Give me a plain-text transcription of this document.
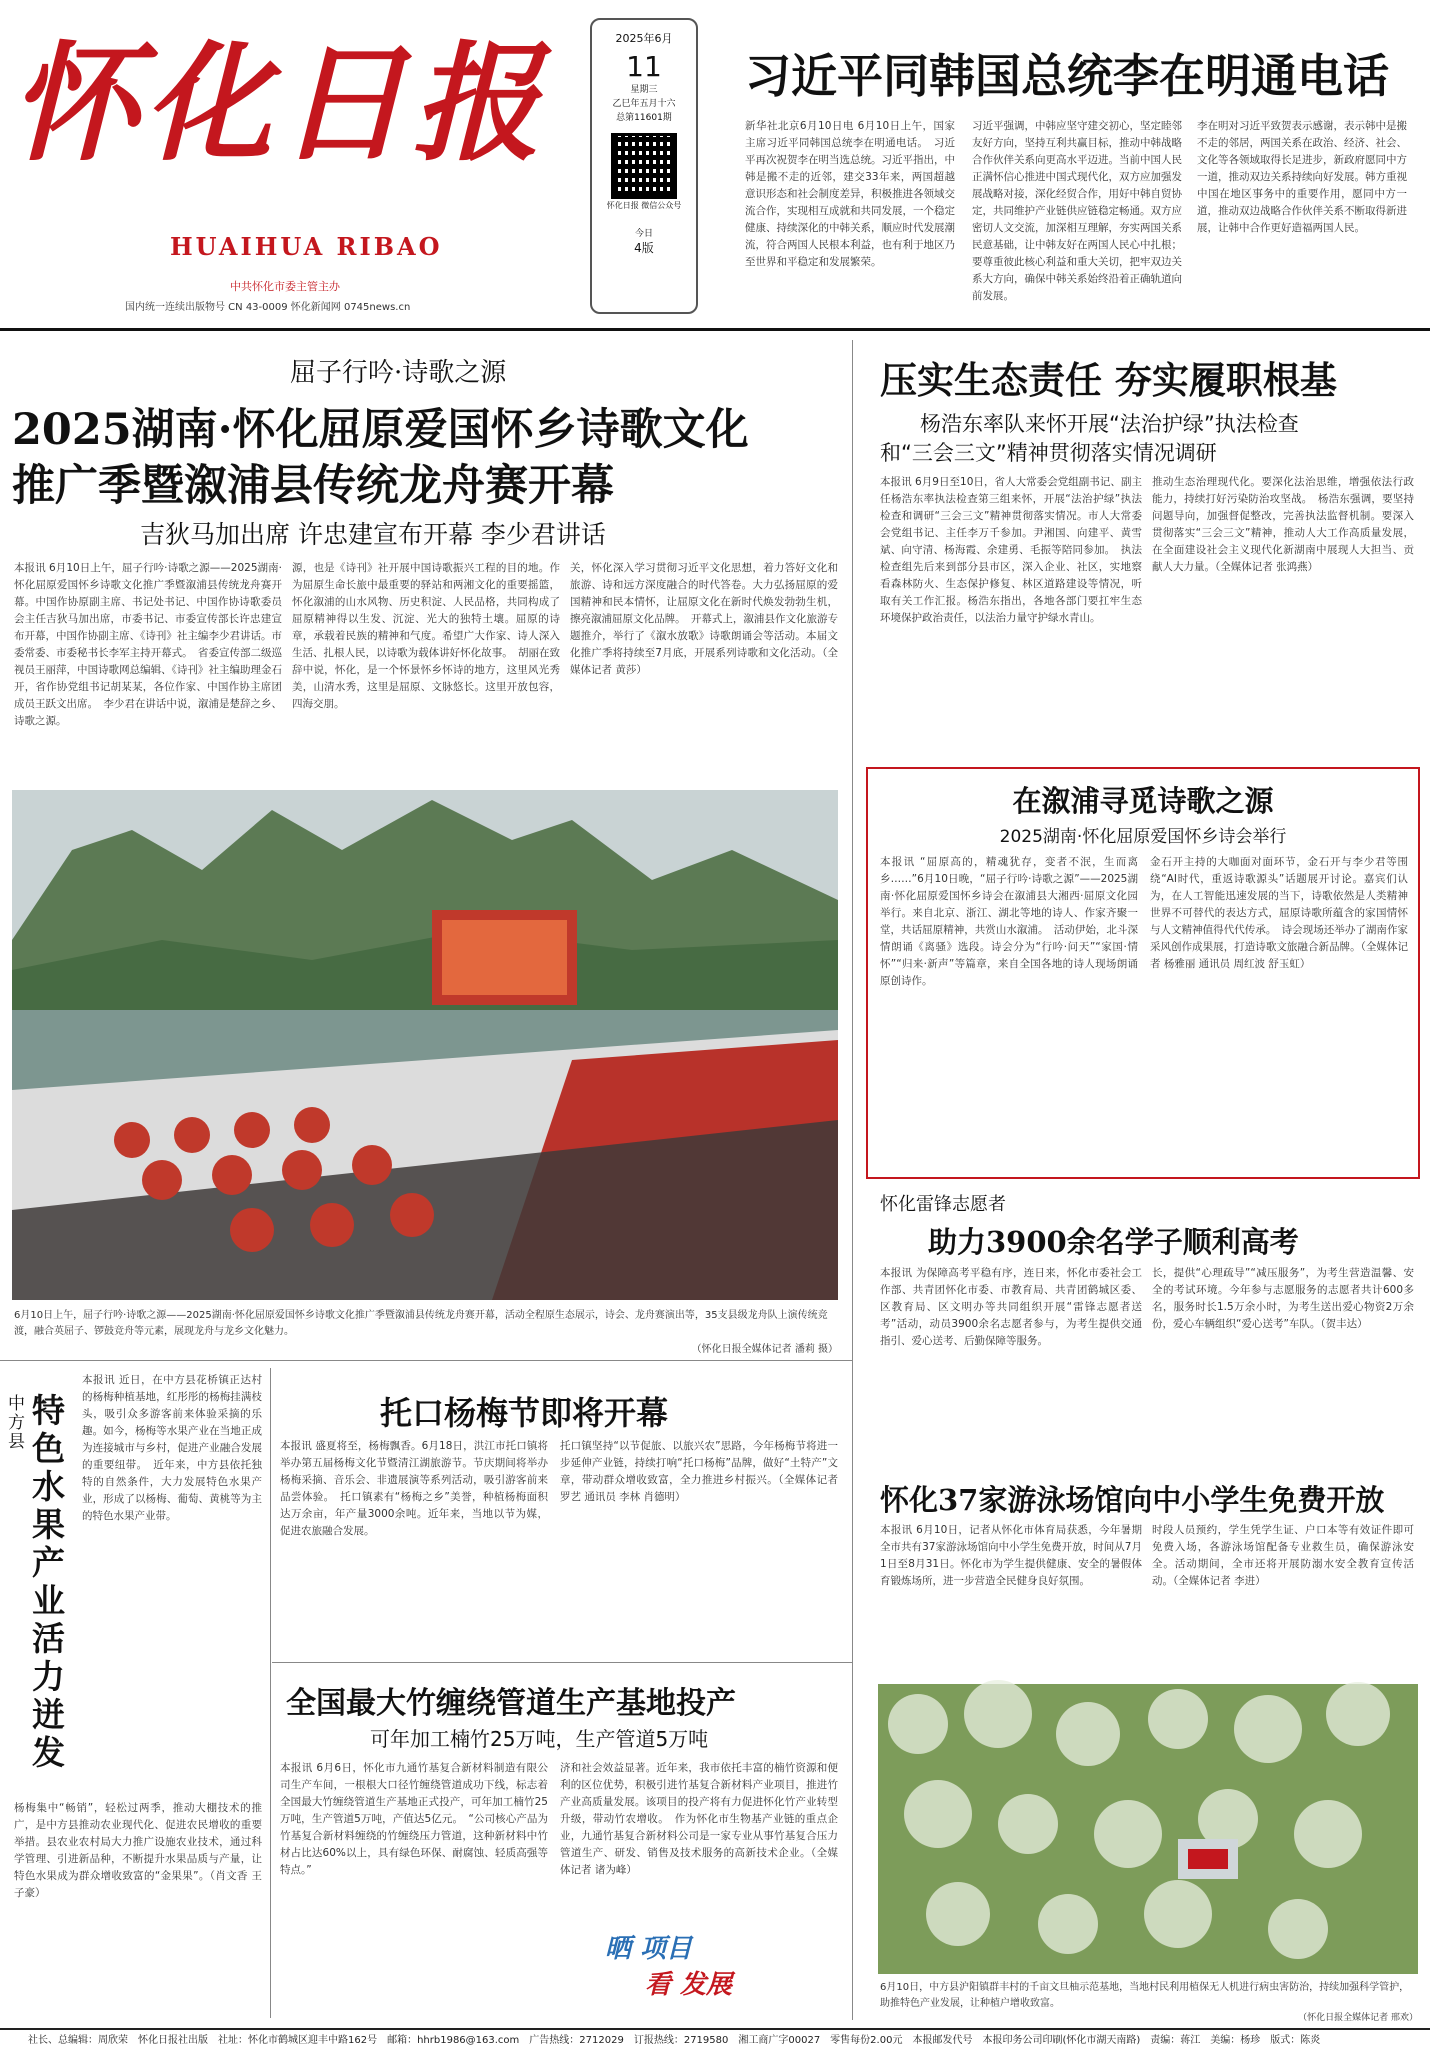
怀化日报
HUAIHUA RIBAO
中共怀化市委主管主办
国内统一连续出版物号 CN 43-0009 怀化新闻网 0745news.cn
2025年6月
11
星期三
乙巳年五月十六
总第11601期
怀化日报 微信公众号
今日
4版
习近平同韩国总统李在明通电话
新华社北京6月10日电 6月10日上午，国家主席习近平同韩国总统李在明通电话。　习近平再次祝贺李在明当选总统。习近平指出，中韩是搬不走的近邻，建交33年来，两国超越意识形态和社会制度差异，积极推进各领域交流合作，实现相互成就和共同发展，一个稳定健康、持续深化的中韩关系，顺应时代发展潮流，符合两国人民根本利益，也有利于地区乃至世界和平稳定和发展繁荣。
习近平强调，中韩应坚守建交初心，坚定睦邻友好方向，坚持互利共赢目标，推动中韩战略合作伙伴关系向更高水平迈进。当前中国人民正满怀信心推进中国式现代化，双方应加强发展战略对接，深化经贸合作，用好中韩自贸协定，共同维护产业链供应链稳定畅通。双方应密切人文交流，加深相互理解，夯实两国关系民意基础，让中韩友好在两国人民心中扎根；要尊重彼此核心利益和重大关切，把牢双边关系大方向，确保中韩关系始终沿着正确轨道向前发展。
李在明对习近平致贺表示感谢，表示韩中是搬不走的邻居，两国关系在政治、经济、社会、文化等各领域取得长足进步，新政府愿同中方一道，推动双边关系持续向好发展。韩方重视中国在地区事务中的重要作用，愿同中方一道，推动双边战略合作伙伴关系不断取得新进展，让韩中合作更好造福两国人民。
屈子行吟·诗歌之源
2025湖南·怀化屈原爱国怀乡诗歌文化
推广季暨溆浦县传统龙舟赛开幕
吉狄马加出席 许忠建宣布开幕 李少君讲话
本报讯 6月10日上午，屈子行吟·诗歌之源——2025湖南·怀化屈原爱国怀乡诗歌文化推广季暨溆浦县传统龙舟赛开幕。中国作协原副主席、书记处书记、中国作协诗歌委员会主任吉狄马加出席，市委书记、市委宣传部长许忠建宣布开幕，中国作协副主席、《诗刊》社主编李少君讲话。市委常委、市委秘书长李军主持开幕式。　省委宣传部二级巡视员王丽萍，中国诗歌网总编辑、《诗刊》社主编助理金石开，省作协党组书记胡某某，各位作家、中国作协主席团成员王跃文出席。　李少君在讲话中说，溆浦是楚辞之乡、诗歌之源。
源，也是《诗刊》社开展中国诗歌振兴工程的目的地。作为屈原生命长旅中最重要的驿站和两湘文化的重要摇篮，怀化溆浦的山水风物、历史积淀、人民品格，共同构成了屈原精神得以生发、沉淀、光大的独特土壤。屈原的诗章，承载着民族的精神和气度。希望广大作家、诗人深入生活、扎根人民，以诗歌为载体讲好怀化故事。　胡丽在致辞中说，怀化，是一个怀景怀乡怀诗的地方，这里风光秀美，山清水秀，这里是屈原、文脉悠长。这里开放包容，四海交朋。
关，怀化深入学习贯彻习近平文化思想，着力答好文化和旅游、诗和远方深度融合的时代答卷。大力弘扬屈原的爱国精神和民本情怀，让屈原文化在新时代焕发勃勃生机，擦亮溆浦屈原文化品牌。　开幕式上，溆浦县作文化旅游专题推介，举行了《溆水放歌》诗歌朗诵会等活动。本届文化推广季将持续至7月底，开展系列诗歌和文化活动。（全媒体记者 黄莎）
6月10日上午，屈子行吟·诗歌之源——2025湖南·怀化屈原爱国怀乡诗歌文化推广季暨溆浦县传统龙舟赛开幕，活动全程原生态展示，诗会、龙舟赛演出等，35支县级龙舟队上演传统竞渡，融合英屈子、锣鼓竞舟等元素，展现龙舟与龙乡文化魅力。
（怀化日报全媒体记者 潘莉 摄）
压实生态责任 夯实履职根基
杨浩东率队来怀开展“法治护绿”执法检查
和“三会三文”精神贯彻落实情况调研
本报讯 6月9日至10日，省人大常委会党组副书记、副主任杨浩东率执法检查第三组来怀，开展“法治护绿”执法检查和调研“三会三文”精神贯彻落实情况。市人大常委会党组书记、主任李万千参加。尹湘国、向建平、黄雪斌、向守清、杨海霞、余建勇、毛振等陪同参加。　执法检查组先后来到部分县市区，深入企业、社区，实地察看森林防火、生态保护修复、林区道路建设等情况，听取有关工作汇报。杨浩东指出，各地各部门要扛牢生态环境保护政治责任，以法治力量守护绿水青山。
推动生态治理现代化。要深化法治思维，增强依法行政能力，持续打好污染防治攻坚战。　杨浩东强调，要坚持问题导向，加强督促整改，完善执法监督机制。要深入贯彻落实“三会三文”精神，推动人大工作高质量发展，在全面建设社会主义现代化新湖南中展现人大担当、贡献人大力量。（全媒体记者 张鸿燕）
在溆浦寻觅诗歌之源
2025湖南·怀化屈原爱国怀乡诗会举行
本报讯 “屈原高的，精魂犹存，变者不泯，生而离乡……”6月10日晚，“屈子行吟·诗歌之源”——2025湖南·怀化屈原爱国怀乡诗会在溆浦县大湘西·屈原文化园举行。来自北京、浙江、湖北等地的诗人、作家齐聚一堂，共话屈原精神，共赏山水溆浦。　活动伊始，北斗深情朗诵《离骚》选段。诗会分为“行吟·问天”“家国·情怀”“归来·新声”等篇章，来自全国各地的诗人现场朗诵原创诗作。
金石开主持的大咖面对面环节，金石开与李少君等围绕“AI时代，重返诗歌源头”话题展开讨论。嘉宾们认为，在人工智能迅速发展的当下，诗歌依然是人类精神世界不可替代的表达方式，屈原诗歌所蕴含的家国情怀与人文精神值得代代传承。　诗会现场还举办了湖南作家采风创作成果展，打造诗歌文旅融合新品牌。（全媒体记者 杨雅丽 通讯员 周红波 舒玉虹）
怀化雷锋志愿者
助力3900余名学子顺利高考
本报讯 为保障高考平稳有序，连日来，怀化市委社会工作部、共青团怀化市委、市教育局、共青团鹤城区委、区教育局、区文明办等共同组织开展“雷锋志愿者送考”活动，动员3900余名志愿者参与，为考生提供交通指引、爱心送考、后勤保障等服务。
长，提供“心理疏导”“减压服务”，为考生营造温馨、安全的考试环境。今年参与志愿服务的志愿者共计600多名，服务时长1.5万余小时，为考生送出爱心物资2万余份，爱心车辆组织“爱心送考”车队。（贺丰达）
特色水果产业活力迸发
中方县
本报讯 近日，在中方县花桥镇正达村的杨梅种植基地，红彤彤的杨梅挂满枝头，吸引众多游客前来体验采摘的乐趣。如今，杨梅等水果产业在当地正成为连接城市与乡村，促进产业融合发展的重要纽带。　近年来，中方县依托独特的自然条件，大力发展特色水果产业，形成了以杨梅、葡萄、黄桃等为主的特色水果产业带。
杨梅集中“畅销”，轻松过两季，推动大棚技术的推广，是中方县推动农业现代化、促进农民增收的重要举措。县农业农村局大力推广设施农业技术，通过科学管理、引进新品种，不断提升水果品质与产量，让特色水果成为群众增收致富的“金果果”。（肖文香 王子豪）
托口杨梅节即将开幕
本报讯 盛夏将至，杨梅飘香。6月18日，洪江市托口镇将举办第五届杨梅文化节暨清江湖旅游节。节庆期间将举办杨梅采摘、音乐会、非遗展演等系列活动，吸引游客前来品尝体验。　托口镇素有“杨梅之乡”美誉，种植杨梅面积达万余亩，年产量3000余吨。近年来，当地以节为媒，促进农旅融合发展。
托口镇坚持“以节促旅、以旅兴农”思路，今年杨梅节将进一步延伸产业链，持续打响“托口杨梅”品牌，做好“土特产”文章，带动群众增收致富，全力推进乡村振兴。（全媒体记者 罗艺 通讯员 李林 肖德明）
全国最大竹缠绕管道生产基地投产
可年加工楠竹25万吨，生产管道5万吨
本报讯 6月6日，怀化市九通竹基复合新材料制造有限公司生产车间，一根根大口径竹缠绕管道成功下线，标志着全国最大竹缠绕管道生产基地正式投产，可年加工楠竹25万吨，生产管道5万吨，产值达5亿元。　“公司核心产品为竹基复合新材料缠绕的竹缠绕压力管道，这种新材料中竹材占比达60%以上，具有绿色环保、耐腐蚀、轻质高强等特点。”
济和社会效益显著。近年来，我市依托丰富的楠竹资源和便利的区位优势，积极引进竹基复合新材料产业项目，推进竹产业高质量发展。该项目的投产将有力促进怀化竹产业转型升级，带动竹农增收。　作为怀化市生物基产业链的重点企业，九通竹基复合新材料公司是一家专业从事竹基复合压力管道生产、研发、销售及技术服务的高新技术企业。（全媒体记者 诸为峰）
晒 项目
看 发展
怀化37家游泳场馆向中小学生免费开放
本报讯 6月10日，记者从怀化市体育局获悉，今年暑期全市共有37家游泳场馆向中小学生免费开放，时间从7月1日至8月31日。怀化市为学生提供健康、安全的暑假体育锻炼场所，进一步营造全民健身良好氛围。
时段人员预约，学生凭学生证、户口本等有效证件即可免费入场，各游泳场馆配备专业救生员，确保游泳安全。活动期间，全市还将开展防溺水安全教育宣传活动。（全媒体记者 李进）
6月10日，中方县沪阳镇群丰村的千亩文旦柚示范基地，当地村民利用植保无人机进行病虫害防治，持续加强科学管护，助推特色产业发展，让种植户增收致富。
（怀化日报全媒体记者 邢欢）
社长、总编辑：周欣荣　怀化日报社出版　社址：怀化市鹤城区迎丰中路162号　邮箱：hhrb1986@163.com　广告热线：2712029　订报热线：2719580　湘工商广字00027　零售每份2.00元　本报邮发代号　本报印务公司印刷(怀化市湖天南路)　责编：蒋江　美编：杨珍　版式：陈炎
